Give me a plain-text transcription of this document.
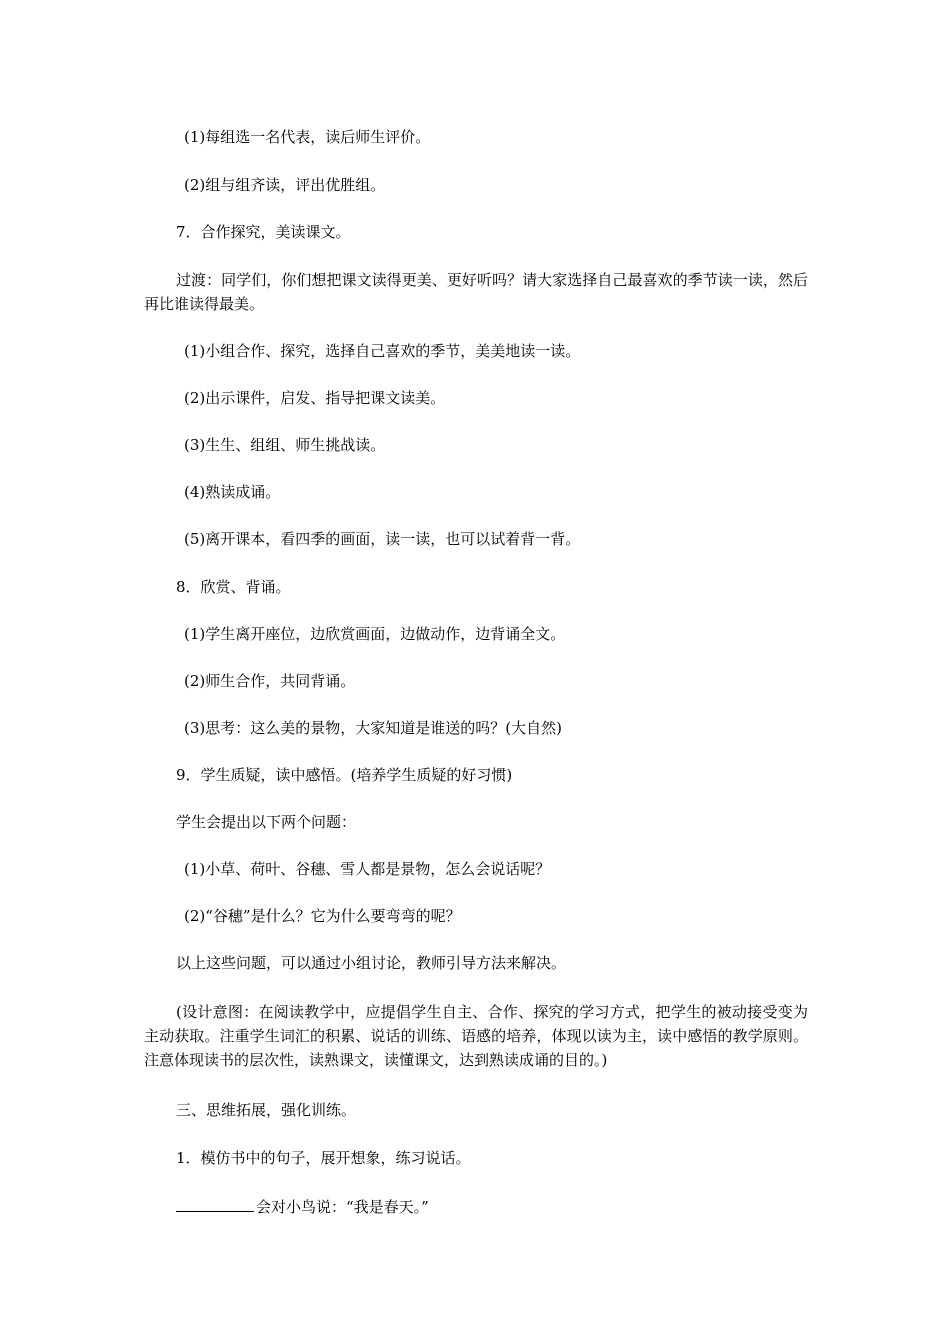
(1)每组选一名代表，读后师生评价。
(2)组与组齐读，评出优胜组。
7．合作探究，美读课文。
过渡：同学们，你们想把课文读得更美、更好听吗？请大家选择自己最喜欢的季节读一读，然后再比谁读得最美。
(1)小组合作、探究，选择自己喜欢的季节，美美地读一读。
(2)出示课件，启发、指导把课文读美。
(3)生生、组组、师生挑战读。
(4)熟读成诵。
(5)离开课本，看四季的画面，读一读，也可以试着背一背。
8．欣赏、背诵。
(1)学生离开座位，边欣赏画面，边做动作，边背诵全文。
(2)师生合作，共同背诵。
(3)思考：这么美的景物，大家知道是谁送的吗？(大自然)
9．学生质疑，读中感悟。(培养学生质疑的好习惯)
学生会提出以下两个问题：
(1)小草、荷叶、谷穗、雪人都是景物，怎么会说话呢？
(2)“谷穗”是什么？它为什么要弯弯的呢？
以上这些问题，可以通过小组讨论，教师引导方法来解决。
(设计意图：在阅读教学中，应提倡学生自主、合作、探究的学习方式，把学生的被动接受变为主动获取。注重学生词汇的积累、说话的训练、语感的培养，体现以读为主，读中感悟的教学原则。注意体现读书的层次性，读熟课文，读懂课文，达到熟读成诵的目的。)
三、思维拓展，强化训练。
1．模仿书中的句子，展开想象，练习说话。
会对小鸟说：“我是春天。”
